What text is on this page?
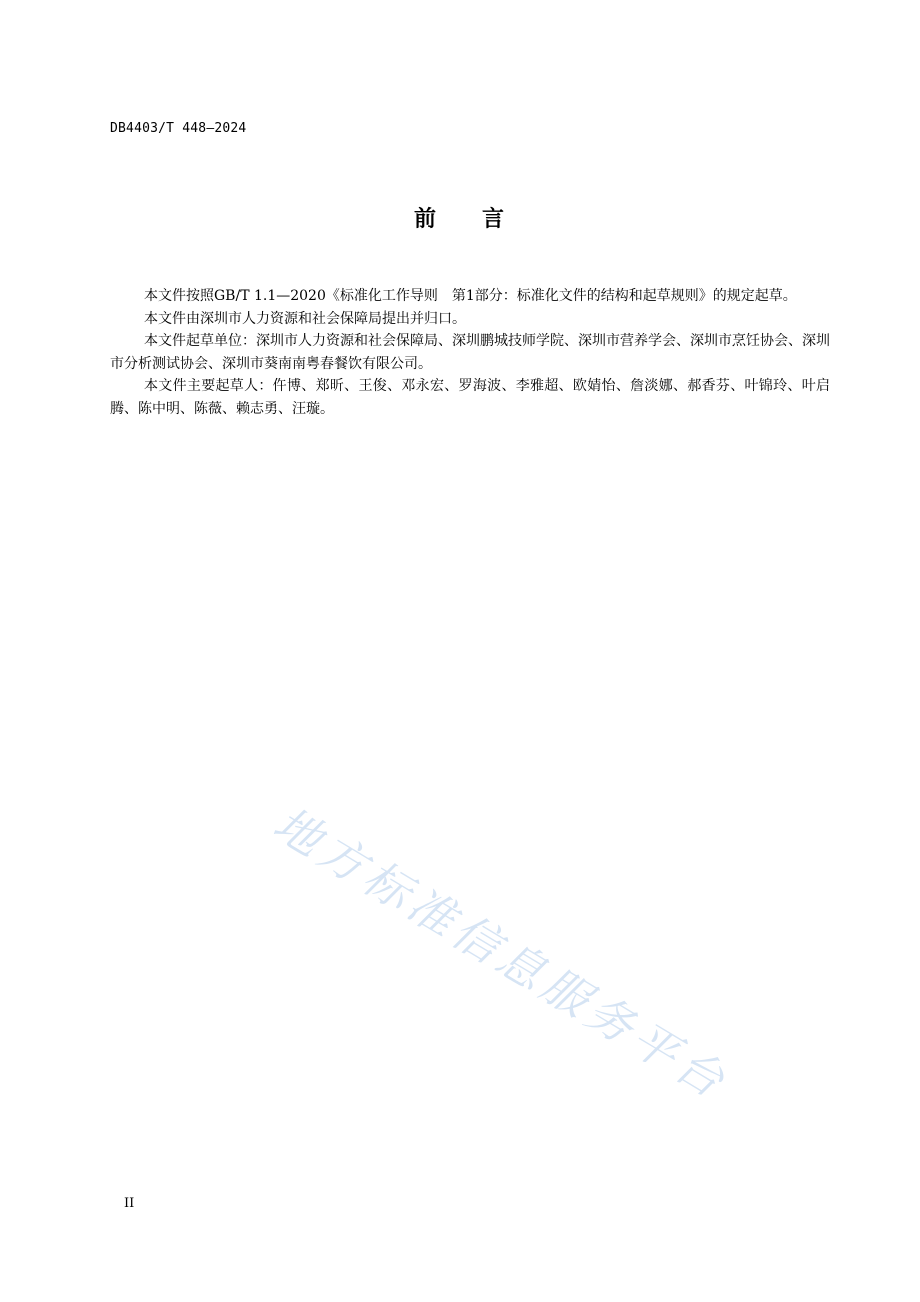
DB4403/T 448—2024
前 言

本文件按照GB/T 1.1—2020《标准化工作导则　第1部分：标准化文件的结构和起草规则》的规定起草。

本文件由深圳市人力资源和社会保障局提出并归口。

本文件起草单位：深圳市人力资源和社会保障局、深圳鹏城技师学院、深圳市营养学会、深圳市烹饪协会、深圳市分析测试协会、深圳市葵南南粤春餐饮有限公司。

本文件主要起草人：仵博、郑昕、王俊、邓永宏、罗海波、李雅超、欧婧怡、詹淡娜、郝香芬、叶锦玲、叶启腾、陈中明、陈薇、赖志勇、汪璇。

地方标准信息服务平台
II
